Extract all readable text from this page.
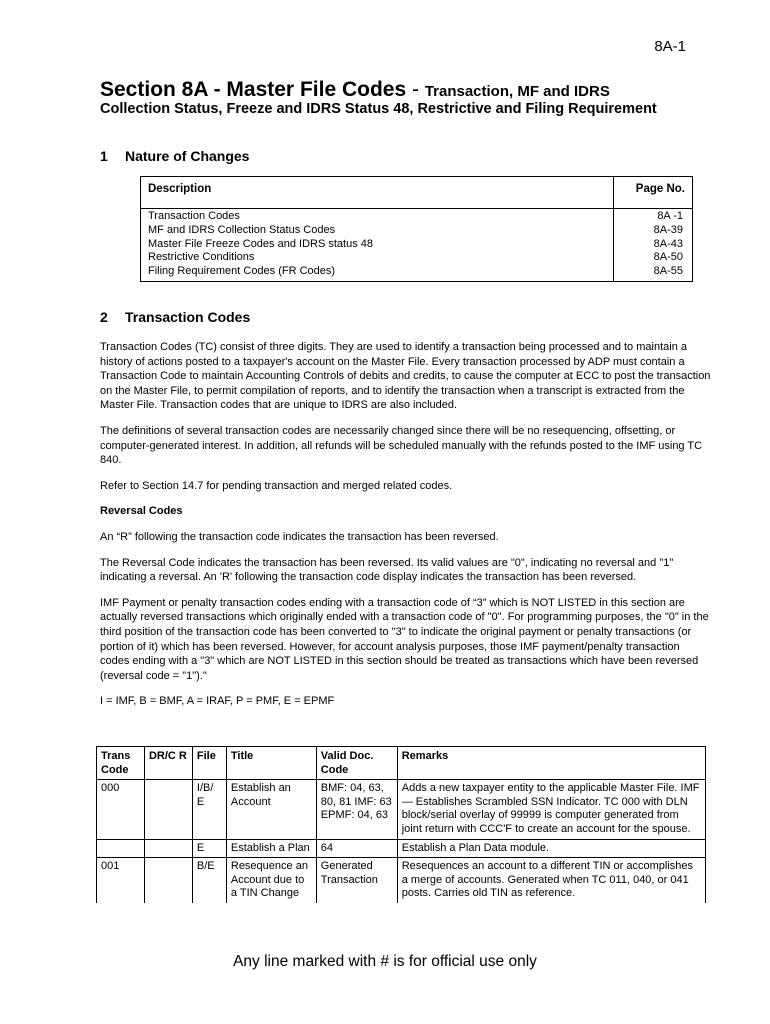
8A-1
Section 8A - Master File Codes - Transaction, MF and IDRS
Collection Status, Freeze and IDRS Status 48, Restrictive and Filing Requirement
1 Nature of Changes
Description	Page No.
Transaction Codes	8A -1
MF and IDRS Collection Status Codes	8A-39
Master File Freeze Codes and IDRS status 48	8A-43
Restrictive Conditions	8A-50
Filing Requirement Codes (FR Codes)	8A-55
2 Transaction Codes

Transaction Codes (TC) consist of three digits. They are used to identify a transaction being processed and to maintain a history of actions posted to a taxpayer's account on the Master File. Every transaction processed by ADP must contain a Transaction Code to maintain Accounting Controls of debits and credits, to cause the computer at ECC to post the transaction on the Master File, to permit compilation of reports, and to identify the transaction when a transcript is extracted from the Master File. Transaction codes that are unique to IDRS are also included.

The definitions of several transaction codes are necessarily changed since there will be no resequencing, offsetting, or computer-generated interest. In addition, all refunds will be scheduled manually with the refunds posted to the IMF using TC 840.

Refer to Section 14.7 for pending transaction and merged related codes.

Reversal Codes

An “R” following the transaction code indicates the transaction has been reversed.

The Reversal Code indicates the transaction has been reversed. Its valid values are "0", indicating no reversal and "1" indicating a reversal. An 'R' following the transaction code display indicates the transaction has been reversed.

IMF Payment or penalty transaction codes ending with a transaction code of “3” which is NOT LISTED in this section are actually reversed transactions which originally ended with a transaction code of "0". For programming purposes, the "0" in the third position of the transaction code has been converted to "3" to indicate the original payment or penalty transactions (or portion of it) which has been reversed. However, for account analysis purposes, those IMF payment/penalty transaction codes ending with a "3" which are NOT LISTED in this section should be treated as transactions which have been reversed (reversal code = "1")."

I = IMF, B = BMF, A = IRAF, P = PMF, E = EPMF

Trans Code	DR/C R	File	Title	Valid Doc. Code	Remarks
000		I/B/ E	Establish an Account	BMF: 04, 63, 80, 81 IMF: 63 EPMF: 04, 63	Adds a new taxpayer entity to the applicable Master File. IMF— Establishes Scrambled SSN Indicator. TC 000 with DLN block/serial overlay of 99999 is computer generated from joint return with CCC'F to create an account for the spouse.
		E	Establish a Plan	64	Establish a Plan Data module.
001		B/E	Resequence an Account due to a TIN Change	Generated Transaction	Resequences an account to a different TIN or accomplishes a merge of accounts. Generated when TC 011, 040, or 041 posts. Carries old TIN as reference.
Any line marked with # is for official use only
